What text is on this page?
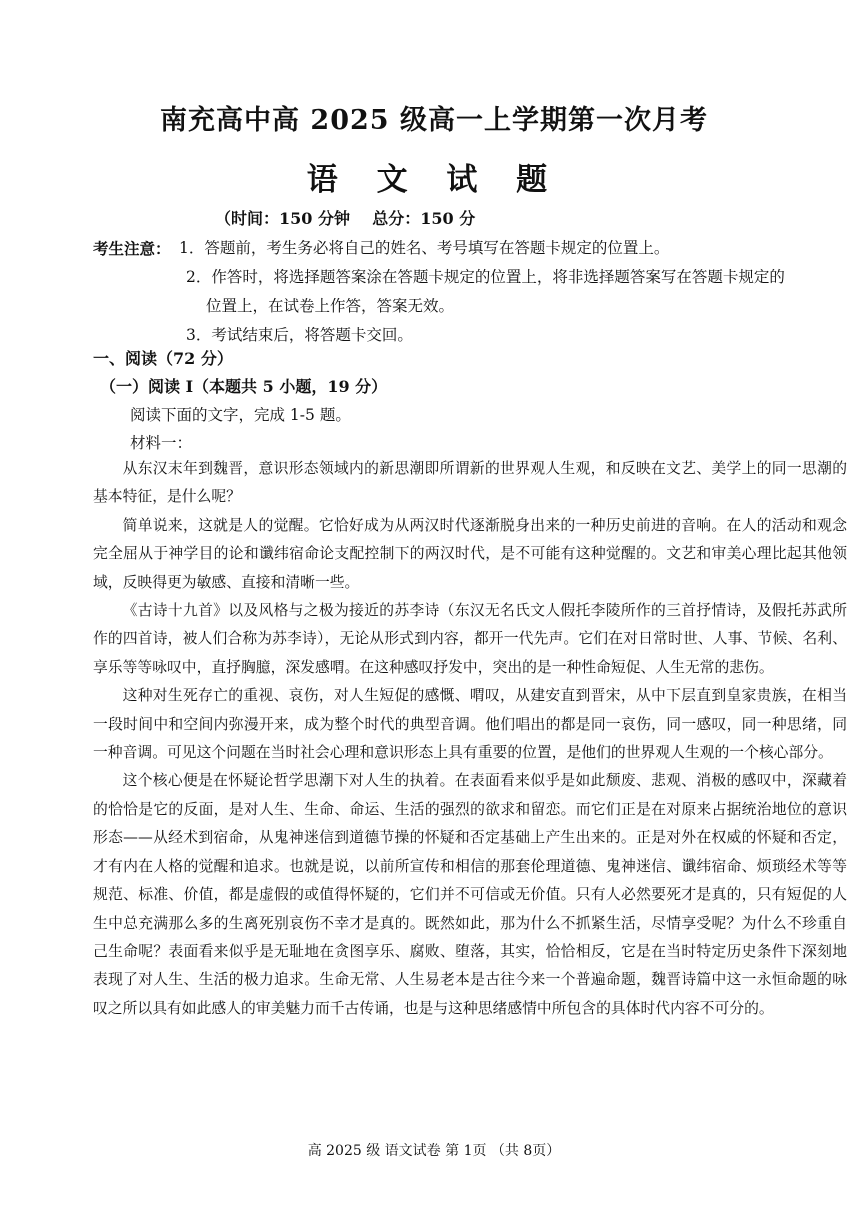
南充高中高 2025 级高一上学期第一次月考
语 文 试 题
（时间：150 分钟    总分：150 分
考生注意： 1．答题前，考生务必将自己的姓名、考号填写在答题卡规定的位置上。
2．作答时，将选择题答案涂在答题卡规定的位置上，将非选择题答案写在答题卡规定的
位置上，在试卷上作答，答案无效。
3．考试结束后，将答题卡交回。
一、阅读（72 分）
（一）阅读 I（本题共 5 小题，19 分）
阅读下面的文字，完成 1-5 题。
材料一：

从东汉末年到魏晋，意识形态领域内的新思潮即所谓新的世界观人生观，和反映在文艺、美学上的同一思潮的基本特征，是什么呢？

简单说来，这就是人的觉醒。它恰好成为从两汉时代逐渐脱身出来的一种历史前进的音响。在人的活动和观念完全屈从于神学目的论和谶纬宿命论支配控制下的两汉时代，是不可能有这种觉醒的。文艺和审美心理比起其他领域，反映得更为敏感、直接和清晰一些。

《古诗十九首》以及风格与之极为接近的苏李诗（东汉无名氏文人假托李陵所作的三首抒情诗，及假托苏武所作的四首诗，被人们合称为苏李诗），无论从形式到内容，都开一代先声。它们在对日常时世、人事、节候、名利、享乐等等咏叹中，直抒胸臆，深发感喟。在这种感叹抒发中，突出的是一种性命短促、人生无常的悲伤。

这种对生死存亡的重视、哀伤，对人生短促的感慨、喟叹，从建安直到晋宋，从中下层直到皇家贵族，在相当一段时间中和空间内弥漫开来，成为整个时代的典型音调。他们唱出的都是同一哀伤，同一感叹，同一种思绪，同一种音调。可见这个问题在当时社会心理和意识形态上具有重要的位置，是他们的世界观人生观的一个核心部分。

这个核心便是在怀疑论哲学思潮下对人生的执着。在表面看来似乎是如此颓废、悲观、消极的感叹中，深藏着的恰恰是它的反面，是对人生、生命、命运、生活的强烈的欲求和留恋。而它们正是在对原来占据统治地位的意识形态——从经术到宿命，从鬼神迷信到道德节操的怀疑和否定基础上产生出来的。正是对外在权威的怀疑和否定，才有内在人格的觉醒和追求。也就是说，以前所宣传和相信的那套伦理道德、鬼神迷信、谶纬宿命、烦琐经术等等规范、标准、价值，都是虚假的或值得怀疑的，它们并不可信或无价值。只有人必然要死才是真的，只有短促的人生中总充满那么多的生离死别哀伤不幸才是真的。既然如此，那为什么不抓紧生活，尽情享受呢？为什么不珍重自己生命呢？表面看来似乎是无耻地在贪图享乐、腐败、堕落，其实，恰恰相反，它是在当时特定历史条件下深刻地表现了对人生、生活的极力追求。生命无常、人生易老本是古往今来一个普遍命题，魏晋诗篇中这一永恒命题的咏叹之所以具有如此感人的审美魅力而千古传诵，也是与这种思绪感情中所包含的具体时代内容不可分的。

高 2025 级 语文试卷 第 1页 （共 8页）
